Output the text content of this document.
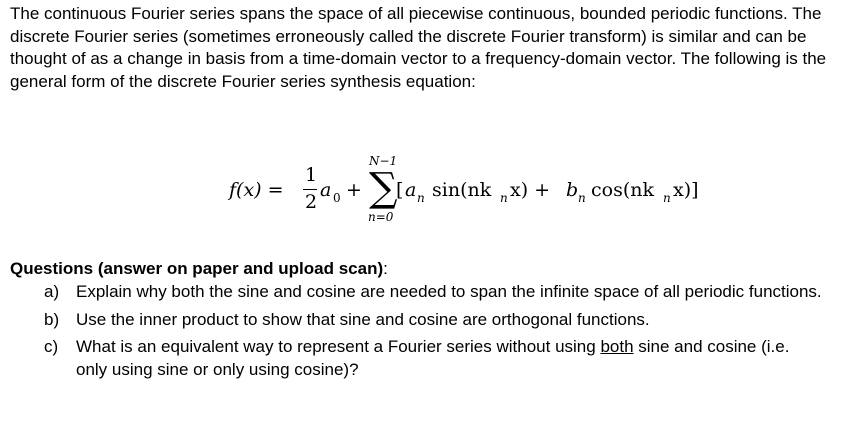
The continuous Fourier series spans the space of all piecewise continuous, bounded periodic functions. The discrete Fourier series (sometimes erroneously called the discrete Fourier transform) is similar and can be thought of as a change in basis from a time-domain vector to a frequency-domain vector. The following is the general form of the discrete Fourier series synthesis equation:

f(x) =
1
2
a 0 +
N−1
∑
n=0
[ a n sin(nk n x) + b n cos(nk n x)]

Questions (answer on paper and upload scan):

a) Explain why both the sine and cosine are needed to span the infinite space of all periodic functions.
b) Use the inner product to show that sine and cosine are orthogonal functions.
c) What is an equivalent way to represent a Fourier series without using both sine and cosine (i.e. only using sine or only using cosine)?
